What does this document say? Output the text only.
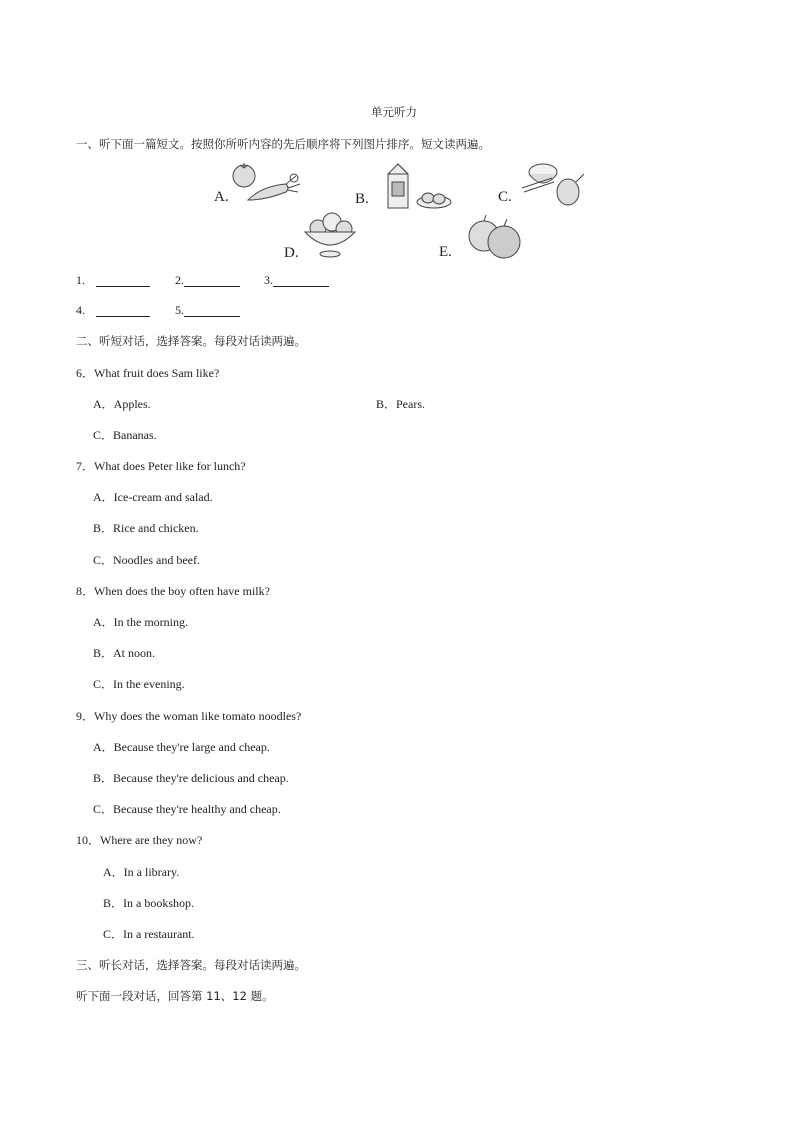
单元听力
一、听下面一篇短文。按照你所听内容的先后顺序将下列图片排序。短文读两遍。
A.	B.	C.
D.	E.
1.	2.	3.
4.	5.
二、听短对话，选择答案。每段对话读两遍。
6．What fruit does Sam like?
A．Apples.	B．Pears.
C．Bananas.
7．What does Peter like for lunch?
A．Ice-cream and salad.
B．Rice and chicken.
C．Noodles and beef.
8．When does the boy often have milk?
A．In the morning.
B．At noon.
C．In the evening.
9．Why does the woman like tomato noodles?
A．Because they're large and cheap.
B．Because they're delicious and cheap.
C．Because they're healthy and cheap.
10．Where are they now?
A．In a library.
B．In a bookshop.
C．In a restaurant.
三、听长对话，选择答案。每段对话读两遍。
听下面一段对话，回答第 11、12 题。
